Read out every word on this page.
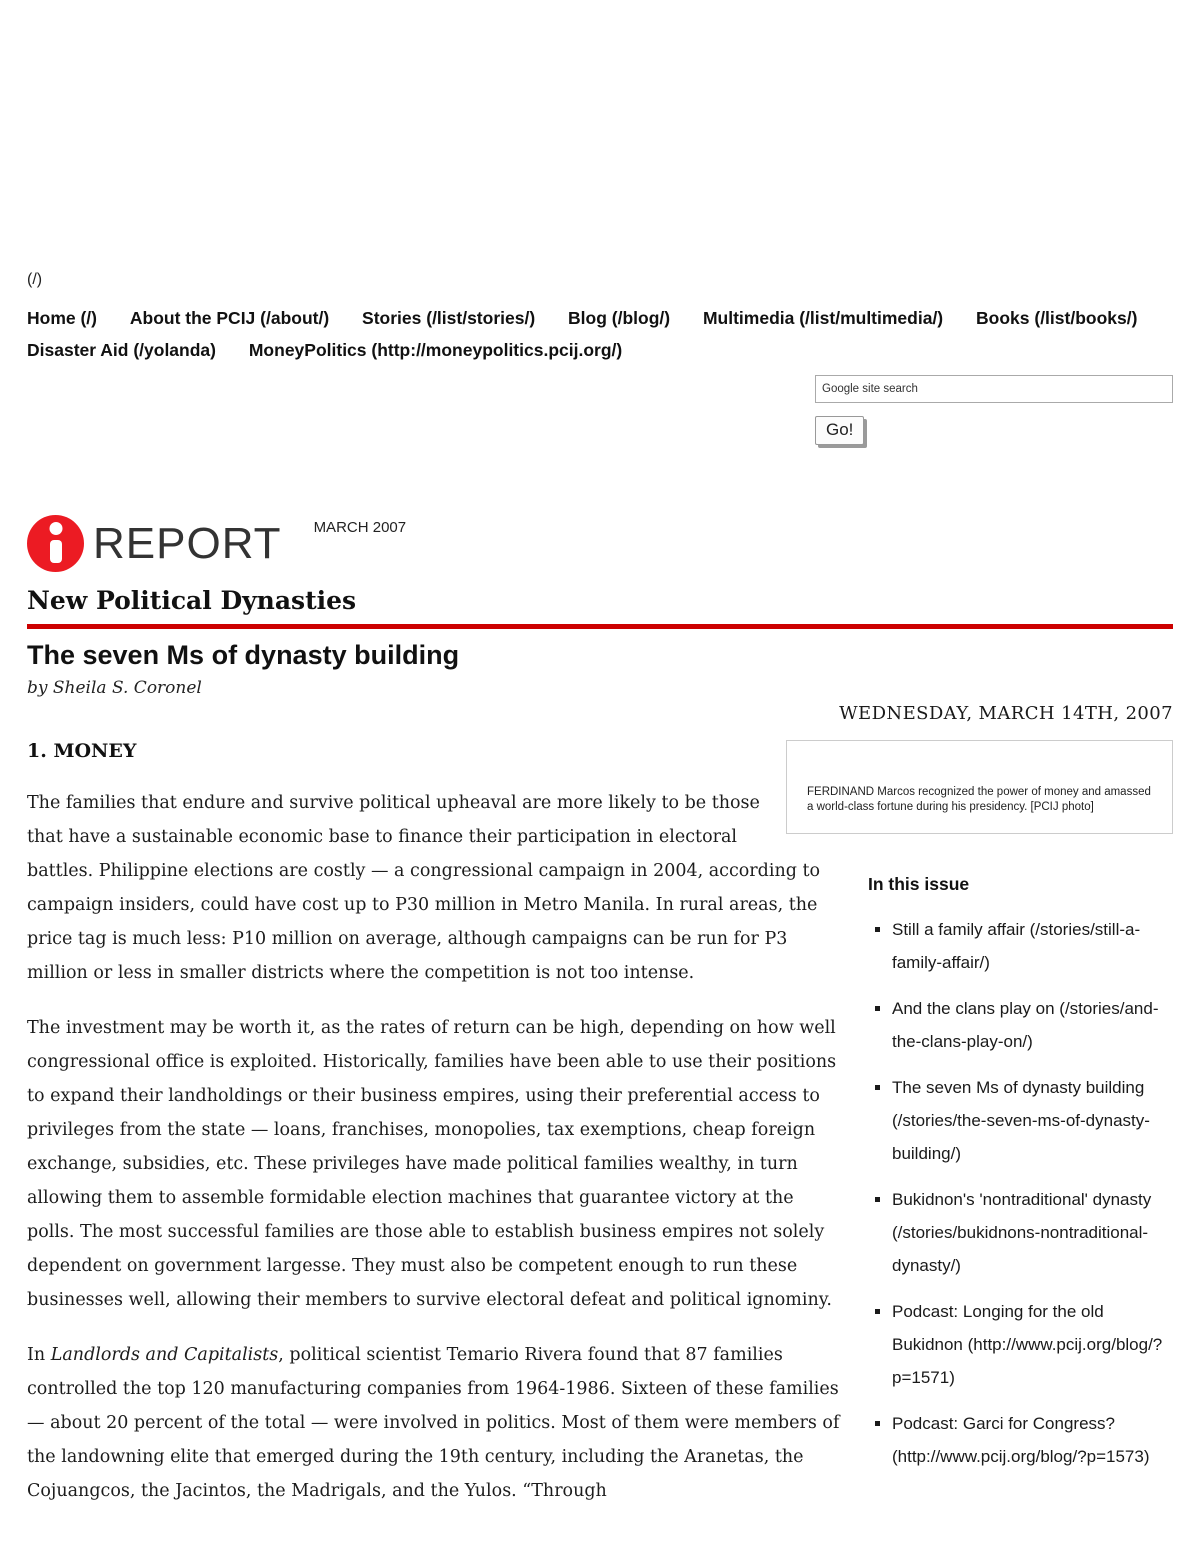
(/)
Home (/) About the PCIJ (/about/) Stories (/list/stories/) Blog (/blog/) Multimedia (/list/multimedia/) Books (/list/books/) Disaster Aid (/yolanda) MoneyPolitics (http://moneypolitics.pcij.org/)
Google site search Go!
REPORT MARCH 2007
New Political Dynasties
The seven Ms of dynasty building
by Sheila S. Coronel
WEDNESDAY, MARCH 14TH, 2007
FERDINAND Marcos recognized the power of money and amassed a world-class fortune during his presidency. [PCIJ photo]
In this issue
▪ Still a family affair (/stories/still-a-family-affair/)
▪ And the clans play on (/stories/and-the-clans-play-on/)
▪ The seven Ms of dynasty building (/stories/the-seven-ms-of-dynasty-building/)
▪ Bukidnon's 'nontraditional' dynasty (/stories/bukidnons-nontraditional-dynasty/)
▪ Podcast: Longing for the old Bukidnon (http://www.pcij.org/blog/?p=1571)
▪ Podcast: Garci for Congress? (http://www.pcij.org/blog/?p=1573)
1. MONEY

The families that endure and survive political upheaval are more likely to be those that have a sustainable economic base to finance their participation in electoral battles. Philippine elections are costly — a congressional campaign in 2004, according to campaign insiders, could have cost up to P30 million in Metro Manila. In rural areas, the price tag is much less: P10 million on average, although campaigns can be run for P3 million or less in smaller districts where the competition is not too intense.

The investment may be worth it, as the rates of return can be high, depending on how well congressional office is exploited. Historically, families have been able to use their positions to expand their landholdings or their business empires, using their preferential access to privileges from the state — loans, franchises, monopolies, tax exemptions, cheap foreign exchange, subsidies, etc. These privileges have made political families wealthy, in turn allowing them to assemble formidable election machines that guarantee victory at the polls. The most successful families are those able to establish business empires not solely dependent on government largesse. They must also be competent enough to run these businesses well, allowing their members to survive electoral defeat and political ignominy.

In Landlords and Capitalists, political scientist Temario Rivera found that 87 families controlled the top 120 manufacturing companies from 1964-1986. Sixteen of these families — about 20 percent of the total — were involved in politics. Most of them were members of the landowning elite that emerged during the 19th century, including the Aranetas, the Cojuangcos, the Jacintos, the Madrigals, and the Yulos. “Through
